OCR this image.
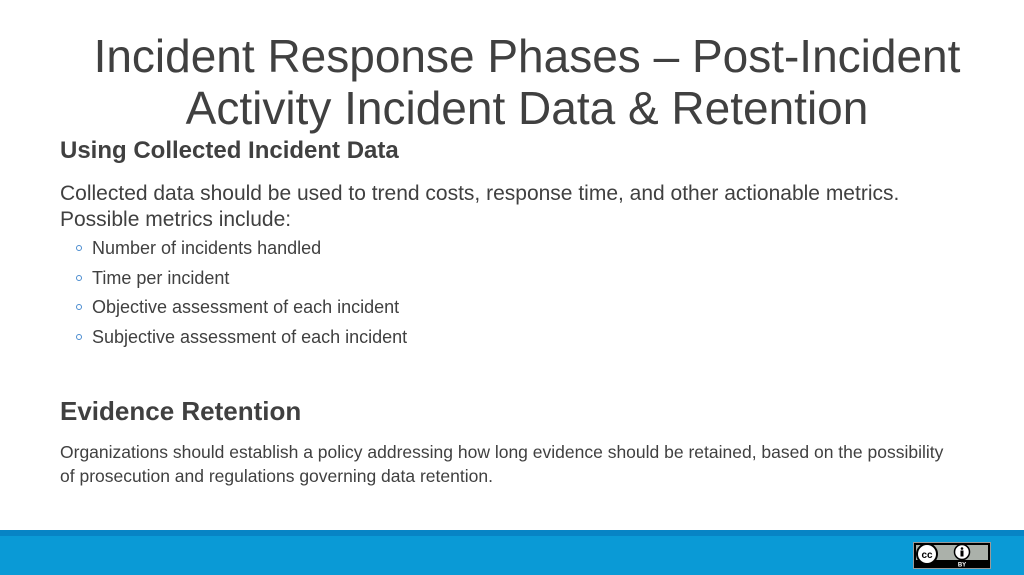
Incident Response Phases – Post-Incident Activity Incident Data & Retention
Using Collected Incident Data

Collected data should be used to trend costs, response time, and other actionable metrics. Possible metrics include:

Number of incidents handled
Time per incident
Objective assessment of each incident
Subjective assessment of each incident
Evidence Retention

Organizations should establish a policy addressing how long evidence should be retained, based on the possibility of prosecution and regulations governing data retention.

cc
BY
